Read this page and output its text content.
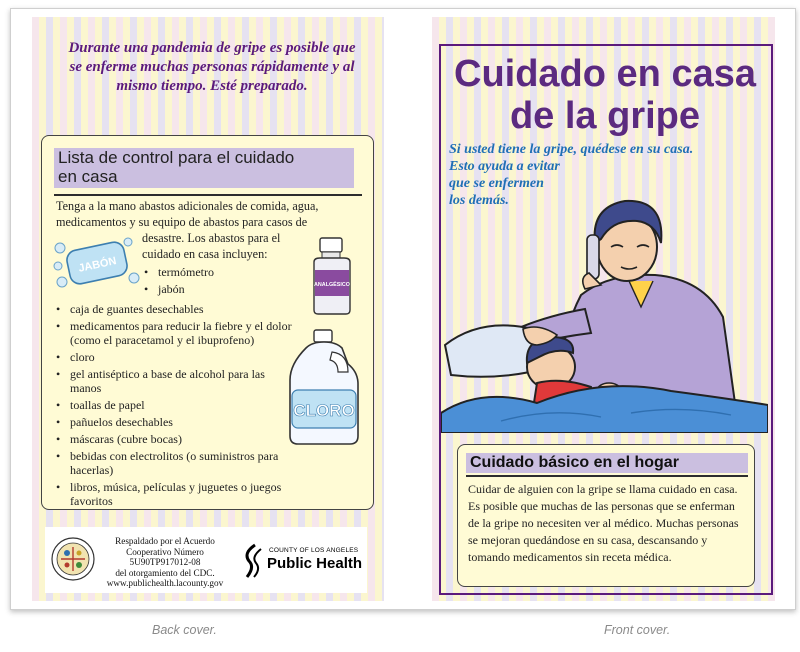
Durante una pandemia de gripe es posible que se enferme muchas personas rápidamente y al mismo tiempo. Esté preparado.
Lista de control para el cuidado en casa
Tenga a la mano abastos adicionales de comida, agua, medicamentos y su equipo de abastos para casos de
JABÓN
desastre. Los abastos para el cuidado en casa incluyen:
• termómetro
• jabón	ANALGÉSICO
• caja de guantes desechables
• medicamentos para reducir la fiebre y el dolor (como el paracetamol y el ibuprofeno)
• cloro
• gel antiséptico a base de alcohol para las manos
• toallas de papel
• pañuelos desechables
• máscaras (cubre bocas)
• bebidas con electrolitos (o suministros para hacerlas)
• libros, música, películas y juguetes o juegos favoritos
CLORO
Respaldado por el Acuerdo
Cooperativo Número
5U90TP917012-08
del otorgamiento del CDC.
www.publichealth.lacounty.gov
COUNTY OF LOS ANGELES
Public Health
Cuidado en casa de la gripe
Si usted tiene la gripe, quédese en su casa.
Esto ayuda a evitar
que se enfermen
los demás.
Cuidado básico en el hogar
Cuidar de alguien con la gripe se llama cuidado en casa. Es posible que muchas de las personas que se enferman de la gripe no necesiten ver al médico. Muchas personas se mejoran quedándose en su casa, descansando y tomando medicamentos sin receta médica.
Back cover.	Front cover.
